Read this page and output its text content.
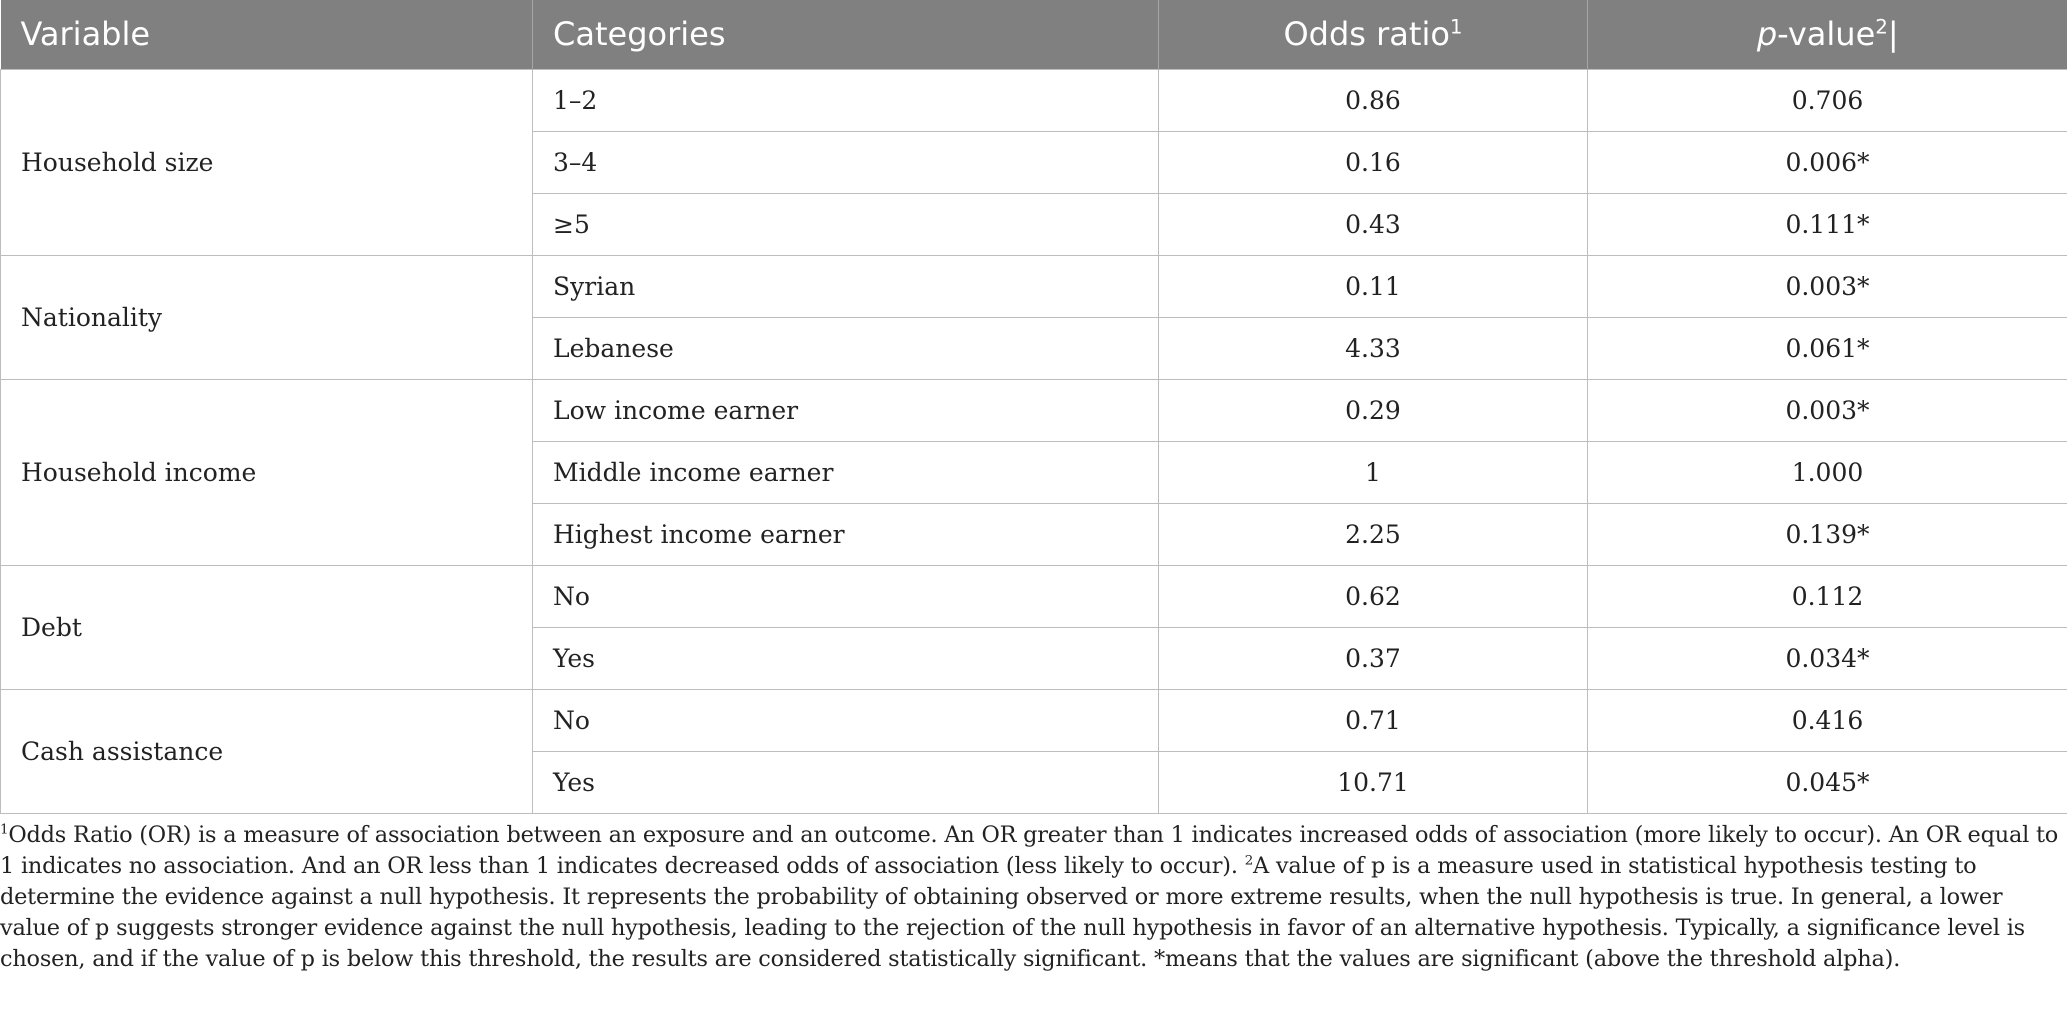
Variable	Categories	Odds ratio$^1$	p-value$^2$|
Household size	1–2	0.86	0.706
	3–4	0.16	0.006*
	≥5	0.43	0.111*
Nationality	Syrian	0.11	0.003*
	Lebanese	4.33	0.061*
Household income	Low income earner	0.29	0.003*
	Middle income earner	1	1.000
	Highest income earner	2.25	0.139*
Debt	No	0.62	0.112
	Yes	0.37	0.034*
Cash assistance	No	0.71	0.416
	Yes	10.71	0.045*
$^1$Odds Ratio (OR) is a measure of association between an exposure and an outcome. An OR greater than 1 indicates increased odds of association (more likely to occur). An OR equal to 1 indicates no association. And an OR less than 1 indicates decreased odds of association (less likely to occur). $^2$A value of p is a measure used in statistical hypothesis testing to determine the evidence against a null hypothesis. It represents the probability of obtaining observed or more extreme results, when the null hypothesis is true. In general, a lower value of p suggests stronger evidence against the null hypothesis, leading to the rejection of the null hypothesis in favor of an alternative hypothesis. Typically, a significance level is chosen, and if the value of p is below this threshold, the results are considered statistically significant. *means that the values are significant (above the threshold alpha).
